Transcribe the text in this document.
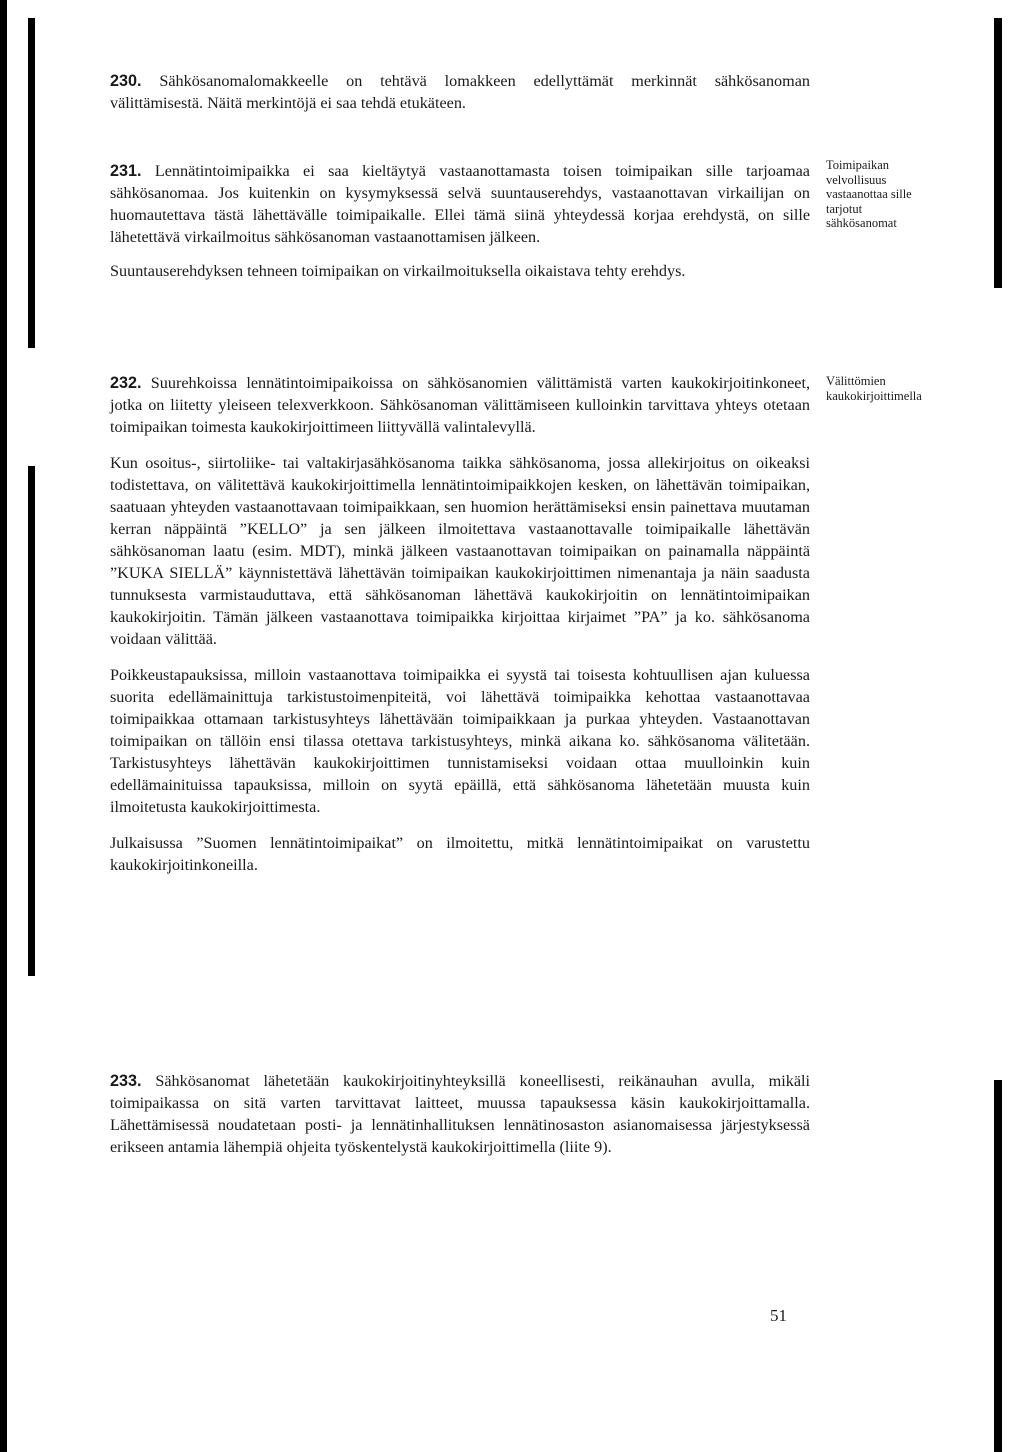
230. Sähkösanomalomakkeelle on tehtävä lomakkeen edellyttämät merkinnät sähkösanoman välittämisestä. Näitä merkintöjä ei saa tehdä etukäteen.

231. Lennätintoimipaikka ei saa kieltäytyä vastaanottamasta toisen toimipaikan sille tarjoamaa sähkösanomaa. Jos kuitenkin on kysymyksessä selvä suuntauserehdys, vastaanottavan virkailijan on huomautettava tästä lähettävälle toimipaikalle. Ellei tämä siinä yhteydessä korjaa erehdystä, on sille lähetettävä virkailmoitus sähkösanoman vastaanottamisen jälkeen.

Suuntauserehdyksen tehneen toimipaikan on virkailmoituksella oikaistava tehty erehdys.

Toimipaikan velvollisuus vastaanottaa sille tarjotut sähkösanomat

232. Suurehkoissa lennätintoimipaikoissa on sähkösanomien välittämistä varten kaukokirjoitinkoneet, jotka on liitetty yleiseen telexverkkoon. Sähkösanoman välittämiseen kulloinkin tarvittava yhteys otetaan toimipaikan toimesta kaukokirjoittimeen liittyvällä valintalevyllä.

Kun osoitus-, siirtoliike- tai valtakirjasähkösanoma taikka sähkösanoma, jossa allekirjoitus on oikeaksi todistettava, on välitettävä kaukokirjoittimella lennätintoimipaikkojen kesken, on lähettävän toimipaikan, saatuaan yhteyden vastaanottavaan toimipaikkaan, sen huomion herättämiseksi ensin painettava muutaman kerran näppäintä ”KELLO” ja sen jälkeen ilmoitettava vastaanottavalle toimipaikalle lähettävän sähkösanoman laatu (esim. MDT), minkä jälkeen vastaanottavan toimipaikan on painamalla näppäintä ”KUKA SIELLÄ” käynnistettävä lähettävän toimipaikan kaukokirjoittimen nimenantaja ja näin saadusta tunnuksesta varmistauduttava, että sähkösanoman lähettävä kaukokirjoitin on lennätintoimipaikan kaukokirjoitin. Tämän jälkeen vastaanottava toimipaikka kirjoittaa kirjaimet ”PA” ja ko. sähkösanoma voidaan välittää.

Poikkeustapauksissa, milloin vastaanottava toimipaikka ei syystä tai toisesta kohtuullisen ajan kuluessa suorita edellämainittuja tarkistustoimenpiteitä, voi lähettävä toimipaikka kehottaa vastaanottavaa toimipaikkaa ottamaan tarkistusyhteys lähettävään toimipaikkaan ja purkaa yhteyden. Vastaanottavan toimipaikan on tällöin ensi tilassa otettava tarkistusyhteys, minkä aikana ko. sähkösanoma välitetään. Tarkistusyhteys lähettävän kaukokirjoittimen tunnistamiseksi voidaan ottaa muulloinkin kuin edellämainituissa tapauksissa, milloin on syytä epäillä, että sähkösanoma lähetetään muusta kuin ilmoitetusta kaukokirjoittimesta.

Julkaisussa ”Suomen lennätintoimipaikat” on ilmoitettu, mitkä lennätintoimipaikat on varustettu kaukokirjoitinkoneilla.

Välittömien kaukokirjoittimella

233. Sähkösanomat lähetetään kaukokirjoitinyhteyksillä koneellisesti, reikänauhan avulla, mikäli toimipaikassa on sitä varten tarvittavat laitteet, muussa tapauksessa käsin kaukokirjoittamalla. Lähettämisessä noudatetaan posti- ja lennätinhallituksen lennätinosaston asianomaisessa järjestyksessä erikseen antamia lähempiä ohjeita työskentelystä kaukokirjoittimella (liite 9).

51
